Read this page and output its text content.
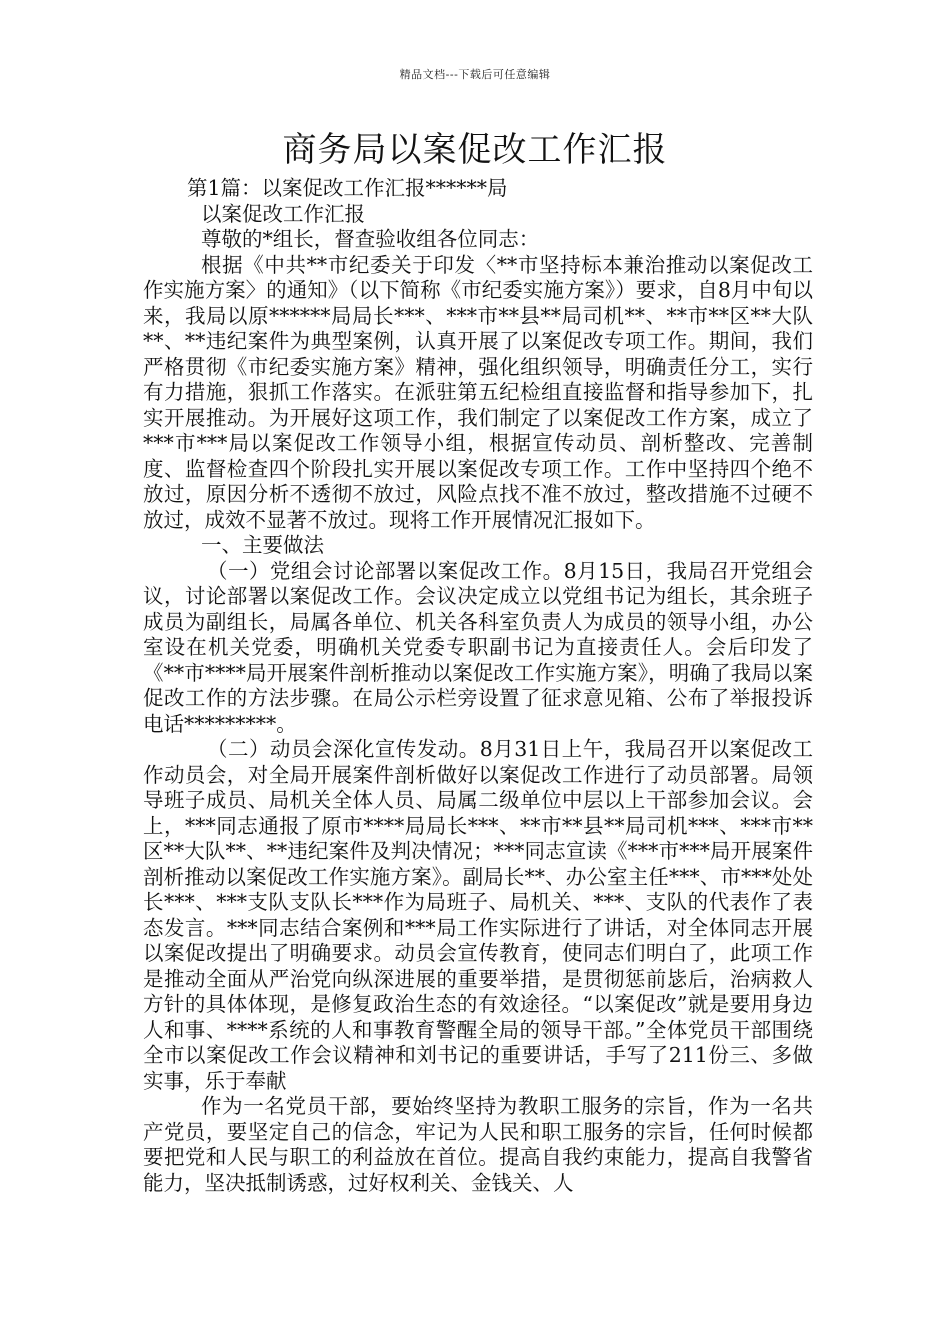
精品文档---下载后可任意编辑
商务局以案促改工作汇报

第1篇：以案促改工作汇报******局

以案促改工作汇报

尊敬的*组长，督查验收组各位同志：

根据《中共**市纪委关于印发〈**市坚持标本兼治推动以案促改工作实施方案〉的通知》（以下简称《市纪委实施方案》）要求，自8月中旬以来，我局以原******局局长***、***市**县**局司机**、**市**区**大队**、**违纪案件为典型案例，认真开展了以案促改专项工作。期间，我们严格贯彻《市纪委实施方案》精神，强化组织领导，明确责任分工，实行有力措施，狠抓工作落实。在派驻第五纪检组直接监督和指导参加下，扎实开展推动。为开展好这项工作，我们制定了以案促改工作方案，成立了***市***局以案促改工作领导小组，根据宣传动员、剖析整改、完善制度、监督检查四个阶段扎实开展以案促改专项工作。工作中坚持四个绝不放过，原因分析不透彻不放过，风险点找不准不放过，整改措施不过硬不放过，成效不显著不放过。现将工作开展情况汇报如下。

一、主要做法

（一）党组会讨论部署以案促改工作。8月15日，我局召开党组会议，讨论部署以案促改工作。会议决定成立以党组书记为组长，其余班子成员为副组长，局属各单位、机关各科室负责人为成员的领导小组，办公室设在机关党委，明确机关党委专职副书记为直接责任人。会后印发了《**市****局开展案件剖析推动以案促改工作实施方案》，明确了我局以案促改工作的方法步骤。在局公示栏旁设置了征求意见箱、公布了举报投诉电话*********。

（二）动员会深化宣传发动。8月31日上午，我局召开以案促改工作动员会，对全局开展案件剖析做好以案促改工作进行了动员部署。局领导班子成员、局机关全体人员、局属二级单位中层以上干部参加会议。会上，***同志通报了原市****局局长***、**市**县**局司机***、***市**区**大队**、**违纪案件及判决情况；***同志宣读《***市***局开展案件剖析推动以案促改工作实施方案》。副局长**、办公室主任***、市***处处长***、***支队支队长***作为局班子、局机关、***、支队的代表作了表态发言。***同志结合案例和***局工作实际进行了讲话，对全体同志开展以案促改提出了明确要求。动员会宣传教育，使同志们明白了，此项工作是推动全面从严治党向纵深进展的重要举措，是贯彻惩前毖后，治病救人方针的具体体现，是修复政治生态的有效途径。“以案促改”就是要用身边人和事、****系统的人和事教育警醒全局的领导干部。”全体党员干部围绕全市以案促改工作会议精神和刘书记的重要讲话，手写了211份三、多做实事，乐于奉献

作为一名党员干部，要始终坚持为教职工服务的宗旨，作为一名共产党员，要坚定自己的信念，牢记为人民和职工服务的宗旨，任何时候都要把党和人民与职工的利益放在首位。提高自我约束能力，提高自我警省能力，坚决抵制诱惑，过好权利关、金钱关、人
